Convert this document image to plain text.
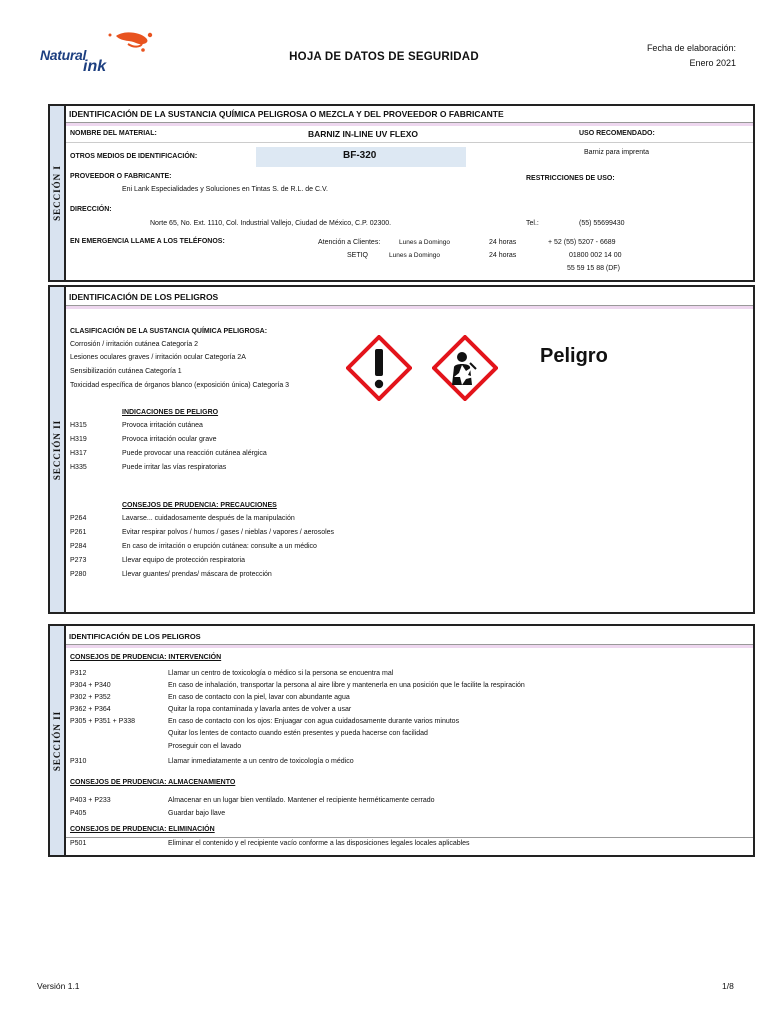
Natural
ink
HOJA DE DATOS DE SEGURIDAD
Fecha de elaboración:
Enero 2021
SECCIÓN I
IDENTIFICACIÓN DE LA SUSTANCIA QUÍMICA PELIGROSA O MEZCLA Y DEL PROVEEDOR O FABRICANTE
NOMBRE DEL MATERIAL:	BARNIZ IN-LINE UV FLEXO	USO RECOMENDADO:
OTROS MEDIOS DE IDENTIFICACIÓN:	BF-320	Barniz para imprenta
PROVEEDOR O FABRICANTE:	RESTRICCIONES DE USO:
Eni Lank Especialidades y Soluciones en Tintas S. de R.L. de C.V.
DIRECCIÓN:
Norte 65, No. Ext. 1110, Col. Industrial Vallejo, Ciudad de México, C.P. 02300.	Tel.:	(55) 55699430
EN EMERGENCIA LLAME A LOS TELÉFONOS:	Atención a Clientes:	Lunes a Domingo	24 horas	+ 52 (55) 5207 - 6689
SETIQ	Lunes a Domingo	24 horas	01800 002 14 00
55 59 15 88 (DF)
SECCIÓN II
IDENTIFICACIÓN DE LOS PELIGROS
CLASIFICACIÓN DE LA SUSTANCIA QUÍMICA PELIGROSA:
Corrosión / irritación cutánea Categoría 2
Lesiones oculares graves / irritación ocular Categoría 2A
Sensibilización cutánea Categoría 1
Toxicidad específica de órganos blanco (exposición única) Categoría 3
Peligro
INDICACIONES DE PELIGRO
H315	Provoca irritación cutánea
H319	Provoca irritación ocular grave
H317	Puede provocar una reacción cutánea alérgica
H335	Puede irritar las vías respiratorias
CONSEJOS DE PRUDENCIA: PRECAUCIONES
P264	Lavarse... cuidadosamente después de la manipulación
P261	Evitar respirar polvos / humos / gases / nieblas / vapores / aerosoles
P284	En caso de irritación o erupción cutánea: consulte a un médico
P273	Llevar equipo de protección respiratoria
P280	Llevar guantes/ prendas/ máscara de protección
SECCIÓN II
IDENTIFICACIÓN DE LOS PELIGROS
CONSEJOS DE PRUDENCIA: INTERVENCIÓN
P312	Llamar un centro de toxicología o médico si la persona se encuentra mal
P304 + P340	En caso de inhalación, transportar la persona al aire libre y mantenerla en una posición que le facilite la respiración
P302 + P352	En caso de contacto con la piel, lavar con abundante agua
P362 + P364	Quitar la ropa contaminada y lavarla antes de volver a usar
P305 + P351 + P338	En caso de contacto con los ojos: Enjuagar con agua cuidadosamente durante varios minutos
Quitar los lentes de contacto cuando estén presentes y pueda hacerse con facilidad
Proseguir con el lavado
P310	Llamar inmediatamente a un centro de toxicología o médico
CONSEJOS DE PRUDENCIA: ALMACENAMIENTO
P403 + P233	Almacenar en un lugar bien ventilado. Mantener el recipiente herméticamente cerrado
P405	Guardar bajo llave
CONSEJOS DE PRUDENCIA: ELIMINACIÓN
P501	Eliminar el contenido y el recipiente vacío conforme a las disposiciones legales locales aplicables
Versión 1.1	1/8
